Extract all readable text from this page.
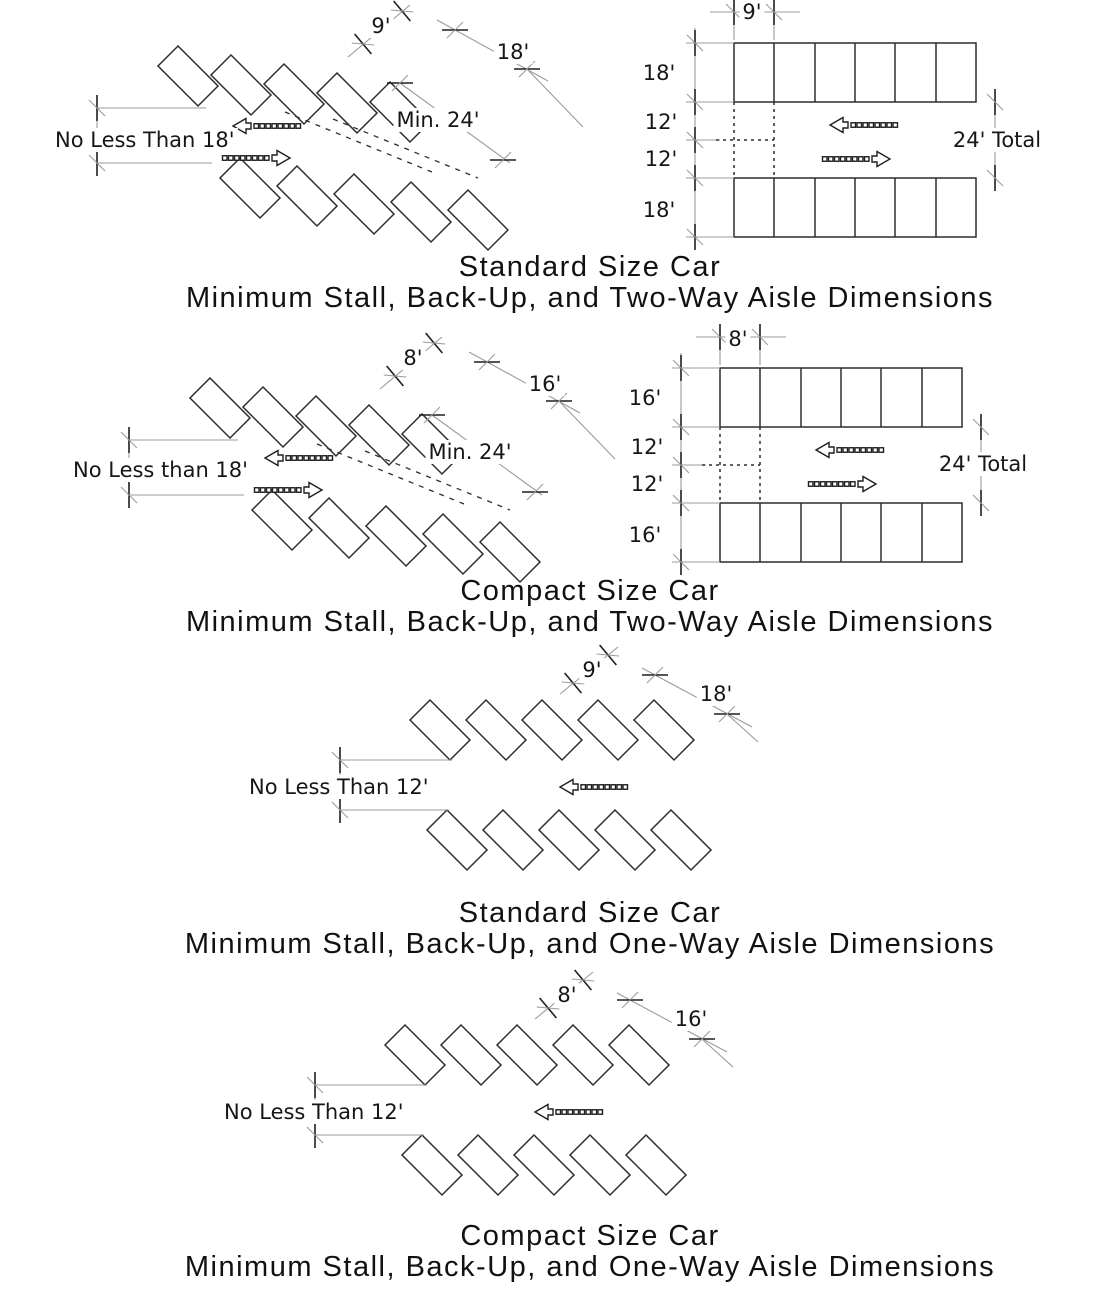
9'
18'
Min. 24'
No Less Than 18'
9'
18'
12'
12'
18'
24' Total
8'
16'
Min. 24'
No Less than 18'
8'
16'
12'
12'
16'
24' Total
9'
18'
No Less Than 12'
8'
16'
No Less Than 12'
Standard Size Car
Minimum Stall, Back-Up, and Two-Way Aisle Dimensions
Compact Size Car
Minimum Stall, Back-Up, and Two-Way Aisle Dimensions
Standard Size Car
Minimum Stall, Back-Up, and One-Way Aisle Dimensions
Compact Size Car
Minimum Stall, Back-Up, and One-Way Aisle Dimensions
